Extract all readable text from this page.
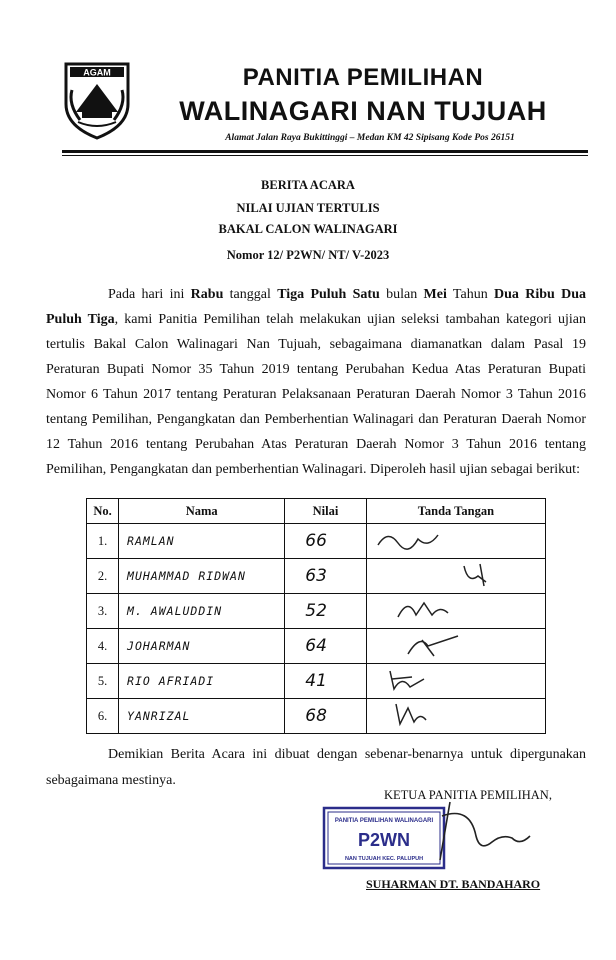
AGAM	PANITIA PEMILIHAN
WALINAGARI NAN TUJUAH
Alamat Jalan Raya Bukittinggi – Medan KM 42 Sipisang Kode Pos 26151
BERITA ACARA
NILAI UJIAN TERTULIS
BAKAL CALON WALINAGARI
Nomor 12/ P2WN/ NT/ V-2023
Pada hari ini Rabu tanggal Tiga Puluh Satu bulan Mei Tahun Dua Ribu Dua Puluh Tiga, kami Panitia Pemilihan telah melakukan ujian seleksi tambahan kategori ujian tertulis Bakal Calon Walinagari Nan Tujuah, sebagaimana diamanatkan dalam Pasal 19 Peraturan Bupati Nomor 35 Tahun 2019 tentang Perubahan Kedua Atas Peraturan Bupati Nomor 6 Tahun 2017 tentang Peraturan Pelaksanaan Peraturan Daerah Nomor 3 Tahun 2016 tentang Pemilihan, Pengangkatan dan Pemberhentian Walinagari dan Peraturan Daerah Nomor 12 Tahun 2016 tentang Perubahan Atas Peraturan Daerah Nomor 3 Tahun 2016 tentang Pemilihan, Pengangkatan dan pemberhentian Walinagari. Diperoleh hasil ujian sebagai berikut:
No.	Nama	Nilai	Tanda Tangan
1.	RAMLAN	66	
2.	MUHAMMAD RIDWAN	63	
3.	M. AWALUDDIN	52	
4.	JOHARMAN	64	
5.	RIO AFRIADI	41	
6.	YANRIZAL	68	
Demikian Berita Acara ini dibuat dengan sebenar-benarnya untuk dipergunakan sebagaimana mestinya.
KETUA PANITIA PEMILIHAN,
PANITIA PEMILIHAN WALINAGARI
P2WN
NAN TUJUAH KEC. PALUPUH
SUHARMAN DT. BANDAHARO
